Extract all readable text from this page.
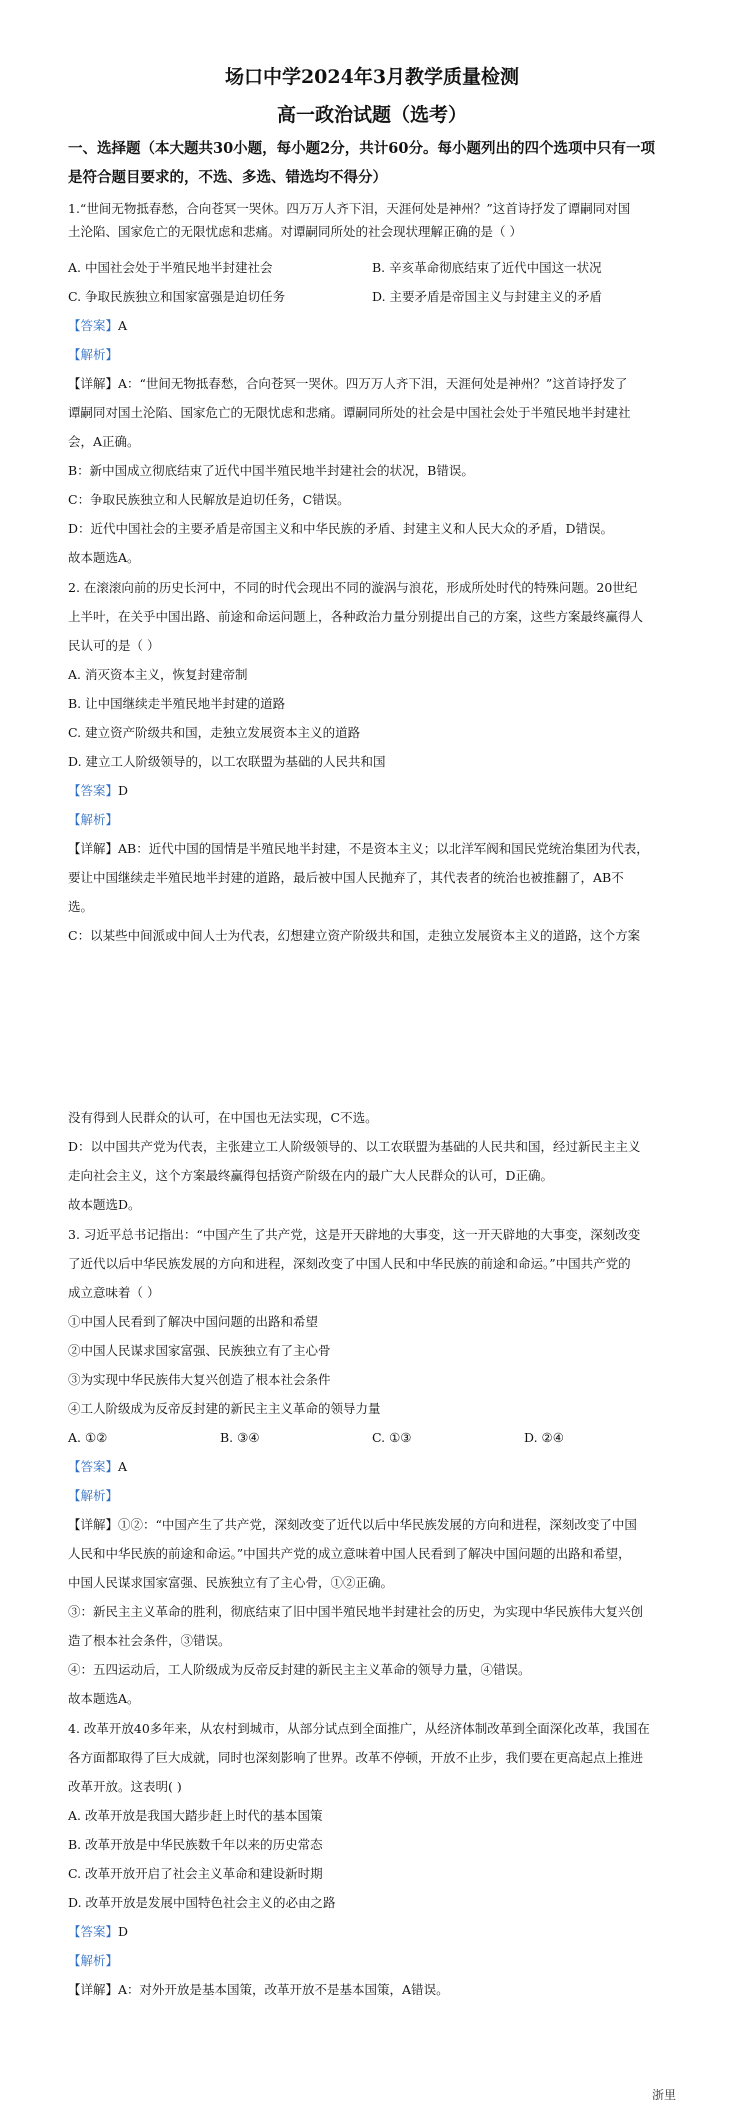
场口中学2024年3月教学质量检测
高一政治试题（选考）
一、选择题（本大题共30小题，每小题2分，共计60分。每小题列出的四个选项中只有一项
是符合题目要求的，不选、多选、错选均不得分）
1.“世间无物抵春愁，合向苍冥一哭休。四万万人齐下泪，天涯何处是神州？”这首诗抒发了谭嗣同对国
土沦陷、国家危亡的无限忧虑和悲痛。对谭嗣同所处的社会现状理解正确的是（ ）
A. 中国社会处于半殖民地半封建社会	B. 辛亥革命彻底结束了近代中国这一状况
C. 争取民族独立和国家富强是迫切任务	D. 主要矛盾是帝国主义与封建主义的矛盾
【答案】A
【解析】
【详解】A：“世间无物抵春愁，合向苍冥一哭休。四万万人齐下泪，天涯何处是神州？”这首诗抒发了
谭嗣同对国土沦陷、国家危亡的无限忧虑和悲痛。谭嗣同所处的社会是中国社会处于半殖民地半封建社
会，A正确。
B：新中国成立彻底结束了近代中国半殖民地半封建社会的状况，B错误。
C：争取民族独立和人民解放是迫切任务，C错误。
D：近代中国社会的主要矛盾是帝国主义和中华民族的矛盾、封建主义和人民大众的矛盾，D错误。
故本题选A。
2. 在滚滚向前的历史长河中，不同的时代会现出不同的漩涡与浪花，形成所处时代的特殊问题。20世纪
上半叶，在关乎中国出路、前途和命运问题上，各种政治力量分别提出自己的方案，这些方案最终赢得人
民认可的是（ ）
A. 消灭资本主义，恢复封建帝制
B. 让中国继续走半殖民地半封建的道路
C. 建立资产阶级共和国，走独立发展资本主义的道路
D. 建立工人阶级领导的，以工农联盟为基础的人民共和国
【答案】D
【解析】
【详解】AB：近代中国的国情是半殖民地半封建，不是资本主义；以北洋军阀和国民党统治集团为代表，
要让中国继续走半殖民地半封建的道路，最后被中国人民抛弃了，其代表者的统治也被推翻了，AB不
选。
C：以某些中间派或中间人士为代表，幻想建立资产阶级共和国，走独立发展资本主义的道路，这个方案
没有得到人民群众的认可，在中国也无法实现，C不选。
D：以中国共产党为代表，主张建立工人阶级领导的、以工农联盟为基础的人民共和国，经过新民主主义
走向社会主义，这个方案最终赢得包括资产阶级在内的最广大人民群众的认可，D正确。
故本题选D。
3. 习近平总书记指出：“中国产生了共产党，这是开天辟地的大事变，这一开天辟地的大事变，深刻改变
了近代以后中华民族发展的方向和进程，深刻改变了中国人民和中华民族的前途和命运。”中国共产党的
成立意味着（ ）
①中国人民看到了解决中国问题的出路和希望
②中国人民谋求国家富强、民族独立有了主心骨
③为实现中华民族伟大复兴创造了根本社会条件
④工人阶级成为反帝反封建的新民主主义革命的领导力量
A. ①②	B. ③④	C. ①③	D. ②④
【答案】A
【解析】
【详解】①②：“中国产生了共产党，深刻改变了近代以后中华民族发展的方向和进程，深刻改变了中国
人民和中华民族的前途和命运。”中国共产党的成立意味着中国人民看到了解决中国问题的出路和希望，
中国人民谋求国家富强、民族独立有了主心骨，①②正确。
③：新民主主义革命的胜利，彻底结束了旧中国半殖民地半封建社会的历史，为实现中华民族伟大复兴创
造了根本社会条件，③错误。
④：五四运动后，工人阶级成为反帝反封建的新民主主义革命的领导力量，④错误。
故本题选A。
4. 改革开放40多年来，从农村到城市，从部分试点到全面推广，从经济体制改革到全面深化改革，我国在
各方面都取得了巨大成就，同时也深刻影响了世界。改革不停顿，开放不止步，我们要在更高起点上推进
改革开放。这表明( )
A. 改革开放是我国大踏步赶上时代的基本国策
B. 改革开放是中华民族数千年以来的历史常态
C. 改革开放开启了社会主义革命和建设新时期
D. 改革开放是发展中国特色社会主义的必由之路
【答案】D
【解析】
【详解】A：对外开放是基本国策，改革开放不是基本国策，A错误。
浙里
